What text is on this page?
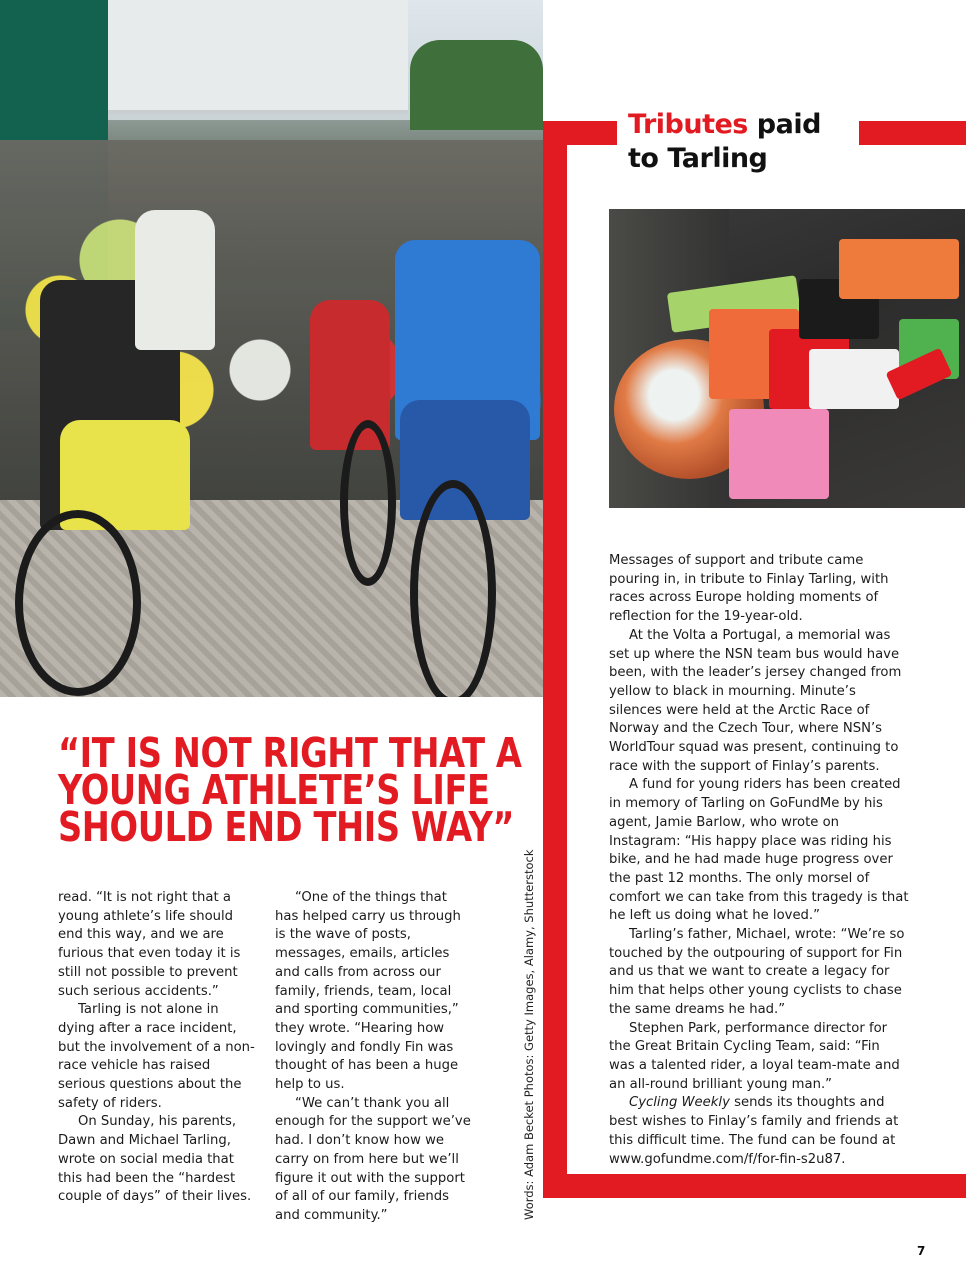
Tributes paid
to Tarling
“IT IS NOT RIGHT THAT A
YOUNG ATHLETE’S LIFE
SHOULD END THIS WAY”

read. “It is not right that a young athlete’s life should end this way, and we are furious that even today it is still not possible to prevent such serious accidents.”

Tarling is not alone in dying after a race incident, but the involvement of a non-race vehicle has raised serious questions about the safety of riders.

On Sunday, his parents, Dawn and Michael Tarling, wrote on social media that this had been the “hardest couple of days” of their lives.

“One of the things that has helped carry us through is the wave of posts, messages, emails, articles and calls from across our family, friends, team, local and sporting communities,” they wrote. “Hearing how lovingly and fondly Fin was thought of has been a huge help to us.

“We can’t thank you all enough for the support we’ve had. I don’t know how we carry on from here but we’ll figure it out with the support of all of our family, friends and community.”

Messages of support and tribute came pouring in, in tribute to Finlay Tarling, with races across Europe holding moments of reflection for the 19-year-old.

At the Volta a Portugal, a memorial was set up where the NSN team bus would have been, with the leader’s jersey changed from yellow to black in mourning. Minute’s silences were held at the Arctic Race of Norway and the Czech Tour, where NSN’s WorldTour squad was present, continuing to race with the support of Finlay’s parents.

A fund for young riders has been created in memory of Tarling on GoFundMe by his agent, Jamie Barlow, who wrote on Instagram: “His happy place was riding his bike, and he had made huge progress over the past 12 months. The only morsel of comfort we can take from this tragedy is that he left us doing what he loved.”

Tarling’s father, Michael, wrote: “We’re so touched by the outpouring of support for Fin and us that we want to create a legacy for him that helps other young cyclists to chase the same dreams he had.”

Stephen Park, performance director for the Great Britain Cycling Team, said: “Fin was a talented rider, a loyal team-mate and an all-round brilliant young man.”

Cycling Weekly sends its thoughts and best wishes to Finlay’s family and friends at this difficult time. The fund can be found at www.gofundme.com/f/for-fin-s2u87.

Words: Adam Becket Photos: Getty Images, Alamy, Shutterstock
7
